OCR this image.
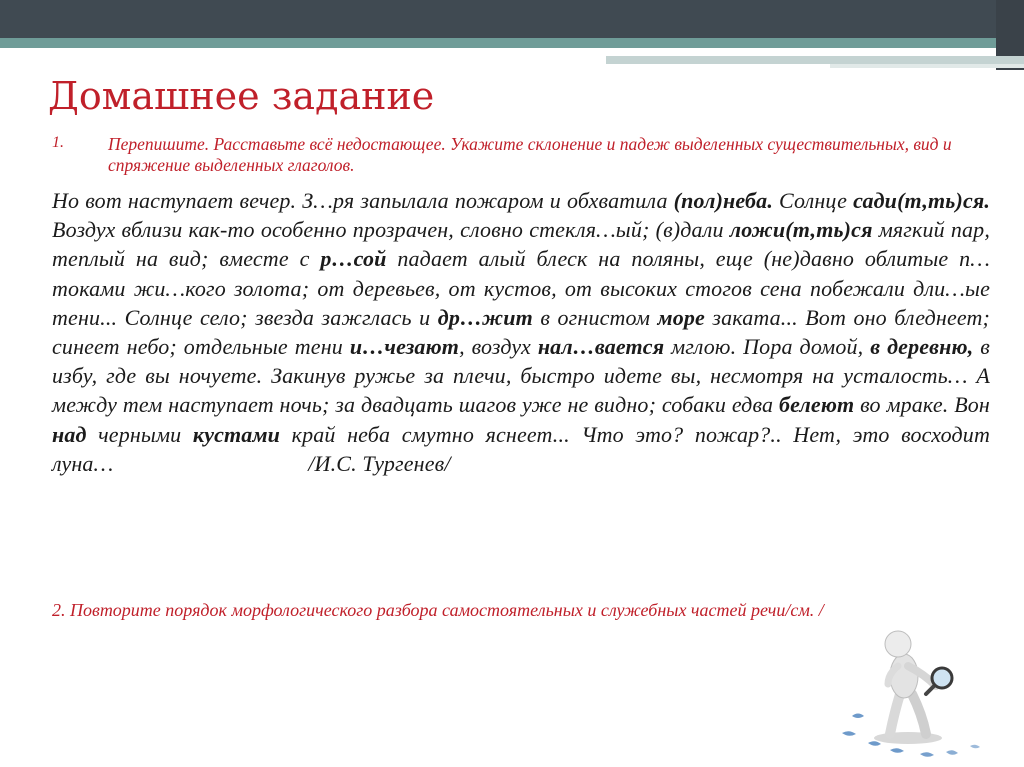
Домашнее задание
1.	Перепишите. Расставьте всё недостающее. Укажите склонение и падеж выделенных существительных, вид и спряжение выделенных глаголов.
Но вот наступает вечер. З…ря запылала пожаром и обхватила (пол)неба. Солнце сади(т,ть)ся. Воздух вблизи как-то особенно прозрачен, словно стекля…ый; (в)дали ложи(т,ть)ся мягкий пар, теплый на вид; вместе с р…сой падает алый блеск на поляны, еще (не)давно облитые п…токами жи…кого золота; от деревьев, от кустов, от высоких стогов сена побежали дли…ые тени... Солнце село; звезда зажглась и др…жит в огнистом море заката... Вот оно бледнеет; синеет небо; отдельные тени и…чезают, воздух нал…вается мглою. Пора домой, в деревню, в избу, где вы ночуете. Закинув ружье за плечи, быстро идете вы, несмотря на усталость… А между тем наступает ночь; за двадцать шагов уже не видно; собаки едва белеют во мраке. Вон над черными кустами край неба смутно яснеет... Что это? пожар?.. Нет, это восходит луна…	/И.С. Тургенев/
2. Повторите порядок морфологического разбора самостоятельных и служебных частей речи/см. /
